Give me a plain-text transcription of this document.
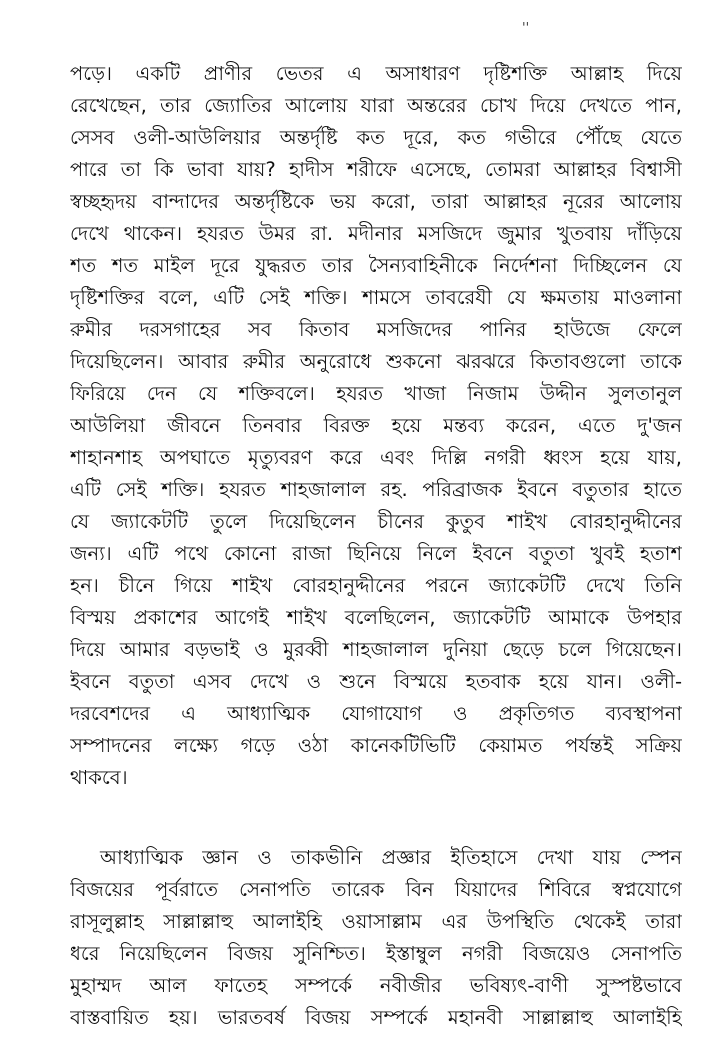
''
পড়ে। একটি প্রাণীর ভেতর এ অসাধারণ দৃষ্টিশক্তি আল্লাহ দিয়ে
রেখেছেন, তার জ্যোতির আলোয় যারা অন্তরের চোখ দিয়ে দেখতে পান,
সেসব ওলী-আউলিয়ার অন্তর্দৃষ্টি কত দূরে, কত গভীরে পৌঁছে যেতে
পারে তা কি ভাবা যায়? হাদীস শরীফে এসেছে, তোমরা আল্লাহর বিশ্বাসী
স্বচ্ছহৃদয় বান্দাদের অন্তর্দৃষ্টিকে ভয় করো, তারা আল্লাহর নূরের আলোয়
দেখে থাকেন। হযরত উমর রা. মদীনার মসজিদে জুমার খুতবায় দাঁড়িয়ে
শত শত মাইল দূরে যুদ্ধরত তার সৈন্যবাহিনীকে নির্দেশনা দিচ্ছিলেন যে
দৃষ্টিশক্তির বলে, এটি সেই শক্তি। শামসে তাবরেযী যে ক্ষমতায় মাওলানা
রুমীর দরসগাহের সব কিতাব মসজিদের পানির হাউজে ফেলে
দিয়েছিলেন। আবার রুমীর অনুরোধে শুকনো ঝরঝরে কিতাবগুলো তাকে
ফিরিয়ে দেন যে শক্তিবলে। হযরত খাজা নিজাম উদ্দীন সুলতানুল
আউলিয়া জীবনে তিনবার বিরক্ত হয়ে মন্তব্য করেন, এতে দু'জন
শাহানশাহ অপঘাতে মৃত্যুবরণ করে এবং দিল্লি নগরী ধ্বংস হয়ে যায়,
এটি সেই শক্তি। হযরত শাহজালাল রহ. পরিব্রাজক ইবনে বতুতার হাতে
যে জ্যাকেটটি তুলে দিয়েছিলেন চীনের কুতুব শাইখ বোরহানুদ্দীনের
জন্য। এটি পথে কোনো রাজা ছিনিয়ে নিলে ইবনে বতুতা খুবই হতাশ
হন। চীনে গিয়ে শাইখ বোরহানুদ্দীনের পরনে জ্যাকেটটি দেখে তিনি
বিস্ময় প্রকাশের আগেই শাইখ বলেছিলেন, জ্যাকেটটি আমাকে উপহার
দিয়ে আমার বড়ভাই ও মুরব্বী শাহজালাল দুনিয়া ছেড়ে চলে গিয়েছেন।
ইবনে বতুতা এসব দেখে ও শুনে বিস্ময়ে হতবাক হয়ে যান। ওলী-
দরবেশদের এ আধ্যাত্মিক যোগাযোগ ও প্রকৃতিগত ব্যবস্থাপনা
সম্পাদনের লক্ষ্যে গড়ে ওঠা কানেকটিভিটি কেয়ামত পর্যন্তই সক্রিয়
থাকবে।
আধ্যাত্মিক জ্ঞান ও তাকভীনি প্রজ্ঞার ইতিহাসে দেখা যায় স্পেন
বিজয়ের পূর্বরাতে সেনাপতি তারেক বিন যিয়াদের শিবিরে স্বপ্নযোগে
রাসূলুল্লাহ সাল্লাল্লাহু আলাইহি ওয়াসাল্লাম এর উপস্থিতি থেকেই তারা
ধরে নিয়েছিলেন বিজয় সুনিশ্চিত। ইস্তাম্বুল নগরী বিজয়েও সেনাপতি
মুহাম্মদ আল ফাতেহ সম্পর্কে নবীজীর ভবিষ্যৎ-বাণী সুস্পষ্টভাবে
বাস্তবায়িত হয়। ভারতবর্ষ বিজয় সম্পর্কে মহানবী সাল্লাল্লাহু আলাইহি
